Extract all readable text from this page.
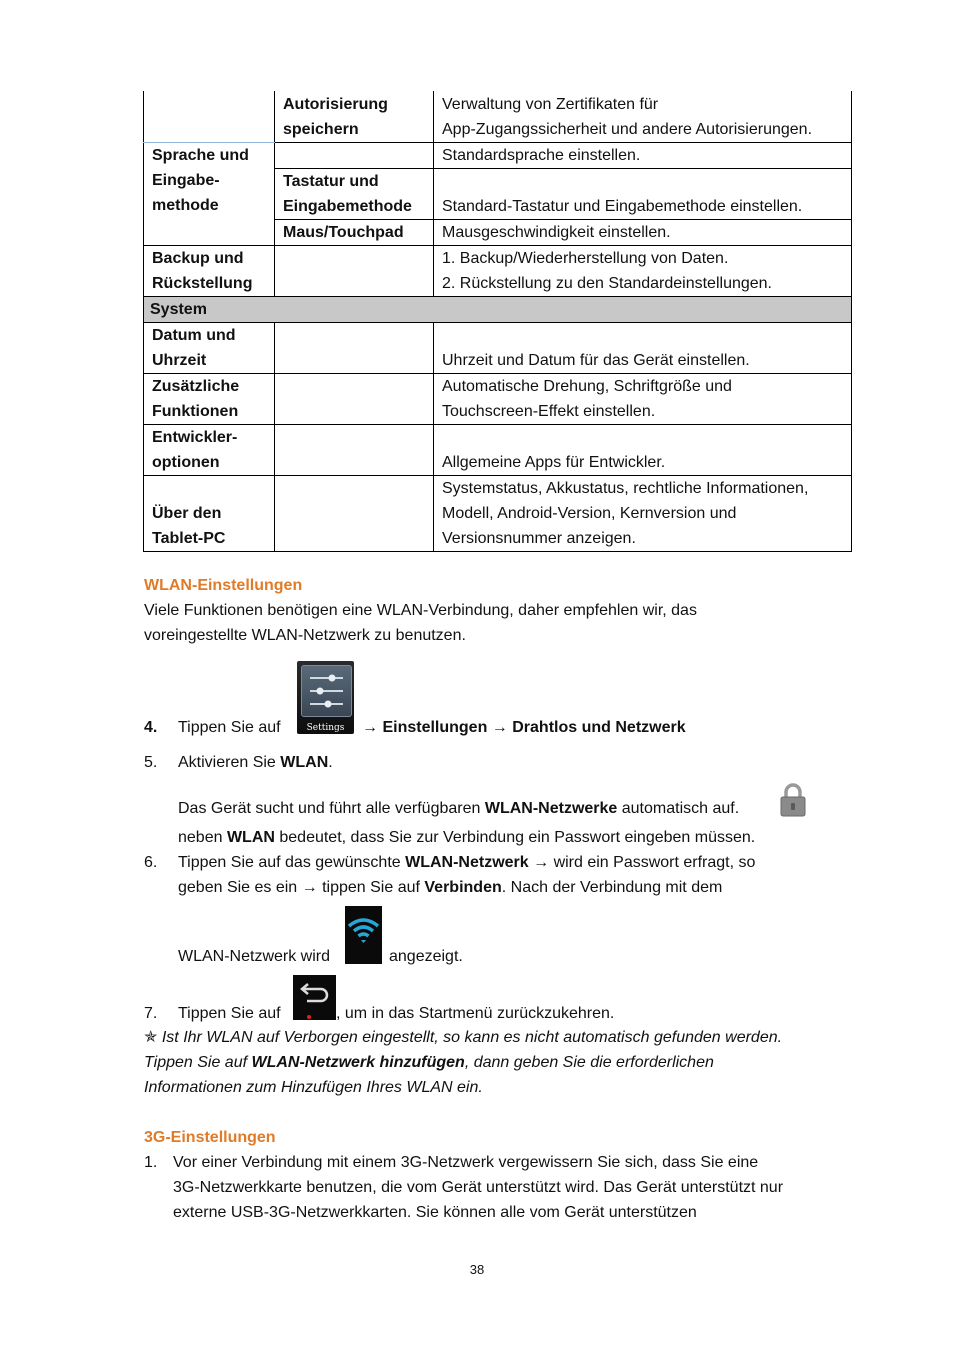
	Autorisierung
speichern	Verwaltung von Zertifikaten für
App-Zugangssicherheit und andere Autorisierungen.

Sprache und
Eingabe-
methode		Standardsprache einstellen.

	Tastatur und
Eingabemethode	Standard-Tastatur und Eingabemethode einstellen.

	Maus/Touchpad	Mausgeschwindigkeit einstellen.

Backup und
Rückstellung		1. Backup/Wiederherstellung von Daten.
2. Rückstellung zu den Standardeinstellungen.

System		

Datum und
Uhrzeit		Uhrzeit und Datum für das Gerät einstellen.

Zusätzliche
Funktionen		Automatische Drehung, Schriftgröße und
Touchscreen-Effekt einstellen.

Entwickler-
optionen		Allgemeine Apps für Entwickler.

Über den
Tablet-PC		Systemstatus, Akkustatus, rechtliche Informationen,
Modell, Android-Version, Kernversion und
Versionsnummer anzeigen.
WLAN-Einstellungen
Viele Funktionen benötigen eine WLAN-Verbindung, daher empfehlen wir, das
voreingestellte WLAN-Netzwerk zu benutzen.
4. Tippen Sie auf	Settings	→ Einstellungen → Drahtlos und Netzwerk
5. Aktivieren Sie WLAN.
Das Gerät sucht und führt alle verfügbaren WLAN-Netzwerke automatisch auf.
neben WLAN bedeutet, dass Sie zur Verbindung ein Passwort eingeben müssen.
6. Tippen Sie auf das gewünschte WLAN-Netzwerk → wird ein Passwort erfragt, so
geben Sie es ein → tippen Sie auf Verbinden. Nach der Verbindung mit dem
WLAN-Netzwerk wird	angezeigt.
7. Tippen Sie auf	, um in das Startmenü zurückzukehren.
✯ Ist Ihr WLAN auf Verborgen eingestellt, so kann es nicht automatisch gefunden werden.
Tippen Sie auf WLAN-Netzwerk hinzufügen, dann geben Sie die erforderlichen
Informationen zum Hinzufügen Ihres WLAN ein.
3G-Einstellungen
1. Vor einer Verbindung mit einem 3G-Netzwerk vergewissern Sie sich, dass Sie eine
3G-Netzwerkkarte benutzen, die vom Gerät unterstützt wird. Das Gerät unterstützt nur
externe USB-3G-Netzwerkkarten. Sie können alle vom Gerät unterstützen
38
